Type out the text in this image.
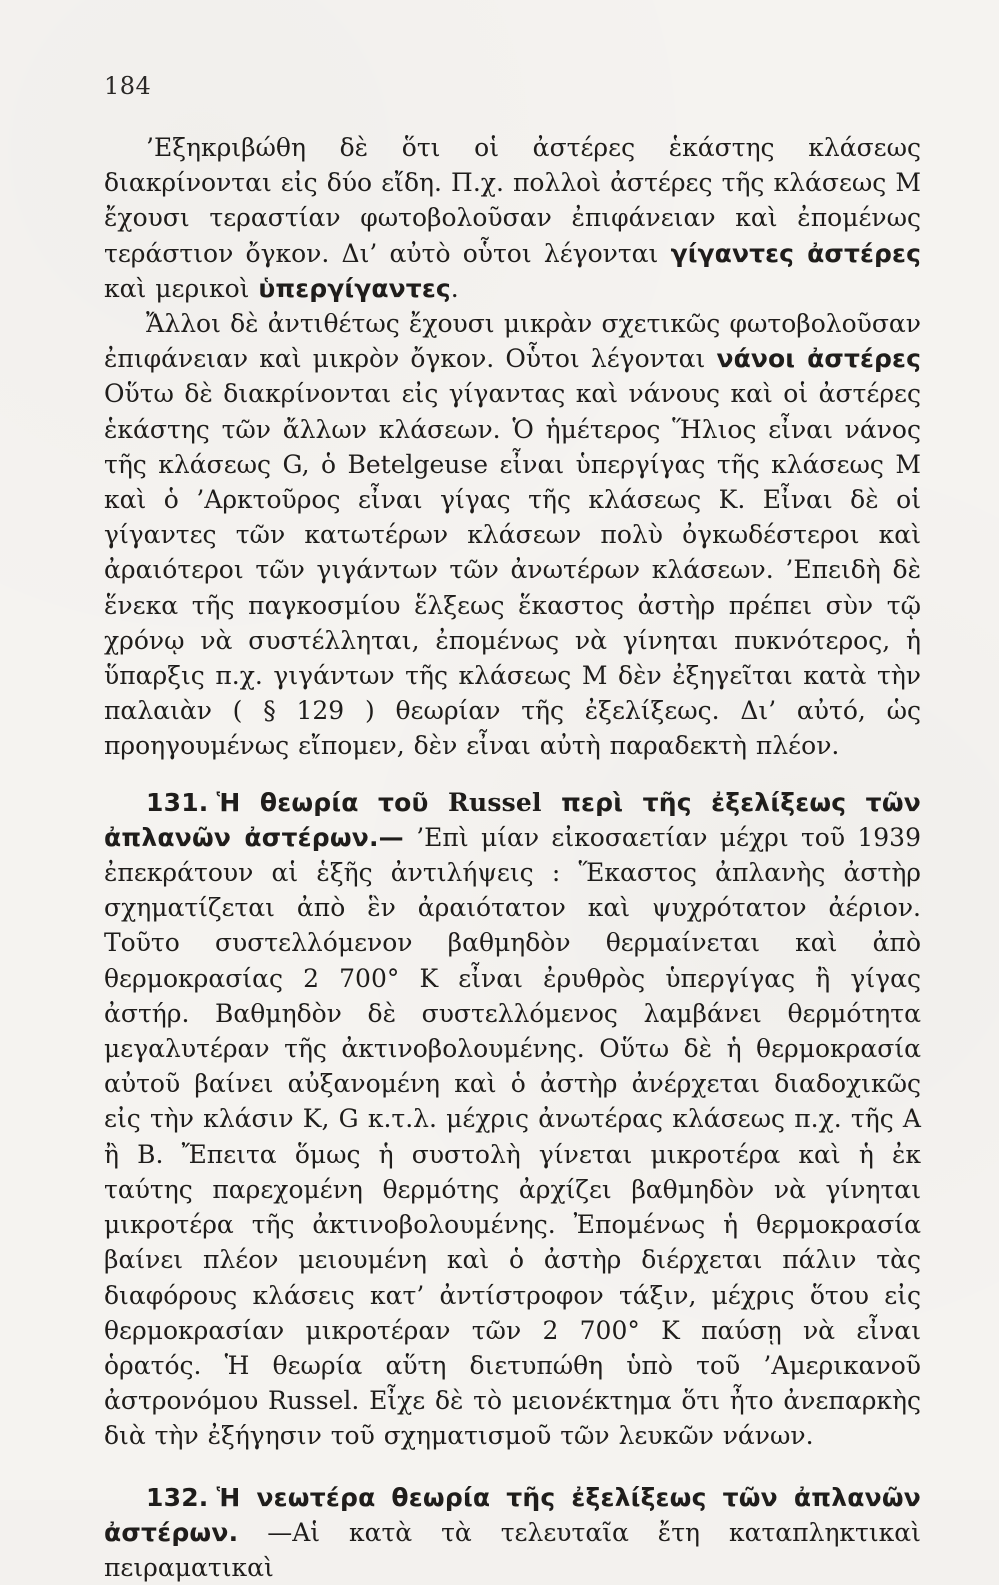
184

’Εξηκριβώθη δὲ ὅτι οἱ ἀστέρες ἑκάστης κλάσεως διακρίνονται εἰς δύο εἴδη. Π.χ. πολλοὶ ἀστέρες τῆς κλάσεως Μ ἔχουσι τεραστίαν φωτοβολοῦσαν ἐπιφάνειαν καὶ ἐπομένως τεράστιον ὄγκον. Δι’ αὐτὸ οὗτοι λέγονται γίγαντες ἀστέρες καὶ μερικοὶ ὑπεργίγαντες.

Ἄλλοι δὲ ἀντιθέτως ἔχουσι μικρὰν σχετικῶς φωτοβολοῦσαν ἐπιφάνειαν καὶ μικρὸν ὄγκον. Οὗτοι λέγονται νάνοι ἀστέρες Οὕτω δὲ διακρίνονται εἰς γίγαντας καὶ νάνους καὶ οἱ ἀστέρες ἑκάστης τῶν ἄλλων κλάσεων. Ὁ ἡμέτερος Ἥλιος εἶναι νάνος τῆς κλάσεως G, ὁ Betelgeuse εἶναι ὑπεργίγας τῆς κλάσεως Μ καὶ ὁ ’Αρκτοῦρος εἶναι γίγας τῆς κλάσεως Κ. Εἶναι δὲ οἱ γίγαντες τῶν κατωτέρων κλάσεων πολὺ ὀγκωδέστεροι καὶ ἀραιότεροι τῶν γιγάντων τῶν ἀνωτέρων κλάσεων. ’Επειδὴ δὲ ἕνεκα τῆς παγκοσμίου ἕλξεως ἕκαστος ἀστὴρ πρέπει σὺν τῷ χρόνῳ νὰ συστέλληται, ἐπομένως νὰ γίνηται πυκνότερος, ἡ ὕπαρξις π.χ. γιγάντων τῆς κλάσεως Μ δὲν ἐξηγεῖται κατὰ τὴν παλαιὰν ( § 129 ) θεωρίαν τῆς ἐξελίξεως. Δι’ αὐτό, ὡς προηγουμένως εἴπομεν, δὲν εἶναι αὐτὴ παραδεκτὴ πλέον.

131. Ἡ θεωρία τοῦ Russel περὶ τῆς ἐξελίξεως τῶν ἀπλανῶν ἀστέρων.— ’Επὶ μίαν εἰκοσαετίαν μέχρι τοῦ 1939 ἐπεκράτουν αἱ ἑξῆς ἀντιλήψεις : Ἕκαστος ἀπλανὴς ἀστὴρ σχηματίζεται ἀπὸ ἓν ἀραιότατον καὶ ψυχρότατον ἀέριον. Τοῦτο συστελλόμενον βαθμηδὸν θερμαίνεται καὶ ἀπὸ θερμοκρασίας 2 700° Κ εἶναι ἐρυθρὸς ὑπεργίγας ἢ γίγας ἀστήρ. Βαθμηδὸν δὲ συστελλόμενος λαμβάνει θερμότητα μεγαλυτέραν τῆς ἀκτινοβολουμένης. Οὕτω δὲ ἡ θερμοκρασία αὐτοῦ βαίνει αὐξανομένη καὶ ὁ ἀστὴρ ἀνέρχεται διαδοχικῶς εἰς τὴν κλάσιν Κ, G κ.τ.λ. μέχρις ἀνωτέρας κλάσεως π.χ. τῆς Α ἢ Β. Ἔπειτα ὅμως ἡ συστολὴ γίνεται μικροτέρα καὶ ἡ ἐκ ταύτης παρεχομένη θερμότης ἀρχίζει βαθμηδὸν νὰ γίνηται μικροτέρα τῆς ἀκτινοβολουμένης. Ἐπομένως ἡ θερμοκρασία βαίνει πλέον μειουμένη καὶ ὁ ἀστὴρ διέρχεται πάλιν τὰς διαφόρους κλάσεις κατ’ ἀντίστροφον τάξιν, μέχρις ὅτου εἰς θερμοκρασίαν μικροτέραν τῶν 2 700° Κ παύσῃ νὰ εἶναι ὁρατός. Ἡ θεωρία αὕτη διετυπώθη ὑπὸ τοῦ ’Αμερικανοῦ ἀστρονόμου Russel. Εἶχε δὲ τὸ μειονέκτημα ὅτι ἦτο ἀνεπαρκὴς διὰ τὴν ἐξήγησιν τοῦ σχηματισμοῦ τῶν λευκῶν νάνων.

132. Ἡ νεωτέρα θεωρία τῆς ἐξελίξεως τῶν ἀπλανῶν ἀστέρων. —Αἱ κατὰ τὰ τελευταῖα ἔτη καταπληκτικαὶ πειραματικαὶ
